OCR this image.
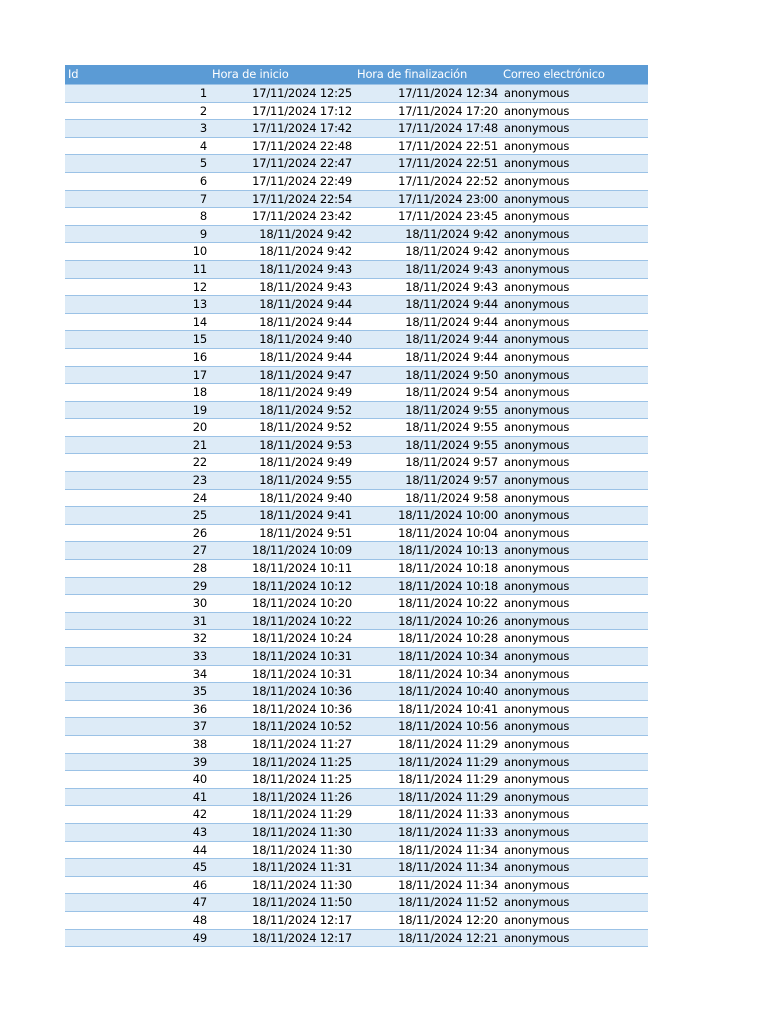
Id	Hora de inicio	Hora de finalización	Correo electrónico
1	17/11/2024 12:25	17/11/2024 12:34	anonymous
2	17/11/2024 17:12	17/11/2024 17:20	anonymous
3	17/11/2024 17:42	17/11/2024 17:48	anonymous
4	17/11/2024 22:48	17/11/2024 22:51	anonymous
5	17/11/2024 22:47	17/11/2024 22:51	anonymous
6	17/11/2024 22:49	17/11/2024 22:52	anonymous
7	17/11/2024 22:54	17/11/2024 23:00	anonymous
8	17/11/2024 23:42	17/11/2024 23:45	anonymous
9	18/11/2024 9:42	18/11/2024 9:42	anonymous
10	18/11/2024 9:42	18/11/2024 9:42	anonymous
11	18/11/2024 9:43	18/11/2024 9:43	anonymous
12	18/11/2024 9:43	18/11/2024 9:43	anonymous
13	18/11/2024 9:44	18/11/2024 9:44	anonymous
14	18/11/2024 9:44	18/11/2024 9:44	anonymous
15	18/11/2024 9:40	18/11/2024 9:44	anonymous
16	18/11/2024 9:44	18/11/2024 9:44	anonymous
17	18/11/2024 9:47	18/11/2024 9:50	anonymous
18	18/11/2024 9:49	18/11/2024 9:54	anonymous
19	18/11/2024 9:52	18/11/2024 9:55	anonymous
20	18/11/2024 9:52	18/11/2024 9:55	anonymous
21	18/11/2024 9:53	18/11/2024 9:55	anonymous
22	18/11/2024 9:49	18/11/2024 9:57	anonymous
23	18/11/2024 9:55	18/11/2024 9:57	anonymous
24	18/11/2024 9:40	18/11/2024 9:58	anonymous
25	18/11/2024 9:41	18/11/2024 10:00	anonymous
26	18/11/2024 9:51	18/11/2024 10:04	anonymous
27	18/11/2024 10:09	18/11/2024 10:13	anonymous
28	18/11/2024 10:11	18/11/2024 10:18	anonymous
29	18/11/2024 10:12	18/11/2024 10:18	anonymous
30	18/11/2024 10:20	18/11/2024 10:22	anonymous
31	18/11/2024 10:22	18/11/2024 10:26	anonymous
32	18/11/2024 10:24	18/11/2024 10:28	anonymous
33	18/11/2024 10:31	18/11/2024 10:34	anonymous
34	18/11/2024 10:31	18/11/2024 10:34	anonymous
35	18/11/2024 10:36	18/11/2024 10:40	anonymous
36	18/11/2024 10:36	18/11/2024 10:41	anonymous
37	18/11/2024 10:52	18/11/2024 10:56	anonymous
38	18/11/2024 11:27	18/11/2024 11:29	anonymous
39	18/11/2024 11:25	18/11/2024 11:29	anonymous
40	18/11/2024 11:25	18/11/2024 11:29	anonymous
41	18/11/2024 11:26	18/11/2024 11:29	anonymous
42	18/11/2024 11:29	18/11/2024 11:33	anonymous
43	18/11/2024 11:30	18/11/2024 11:33	anonymous
44	18/11/2024 11:30	18/11/2024 11:34	anonymous
45	18/11/2024 11:31	18/11/2024 11:34	anonymous
46	18/11/2024 11:30	18/11/2024 11:34	anonymous
47	18/11/2024 11:50	18/11/2024 11:52	anonymous
48	18/11/2024 12:17	18/11/2024 12:20	anonymous
49	18/11/2024 12:17	18/11/2024 12:21	anonymous
